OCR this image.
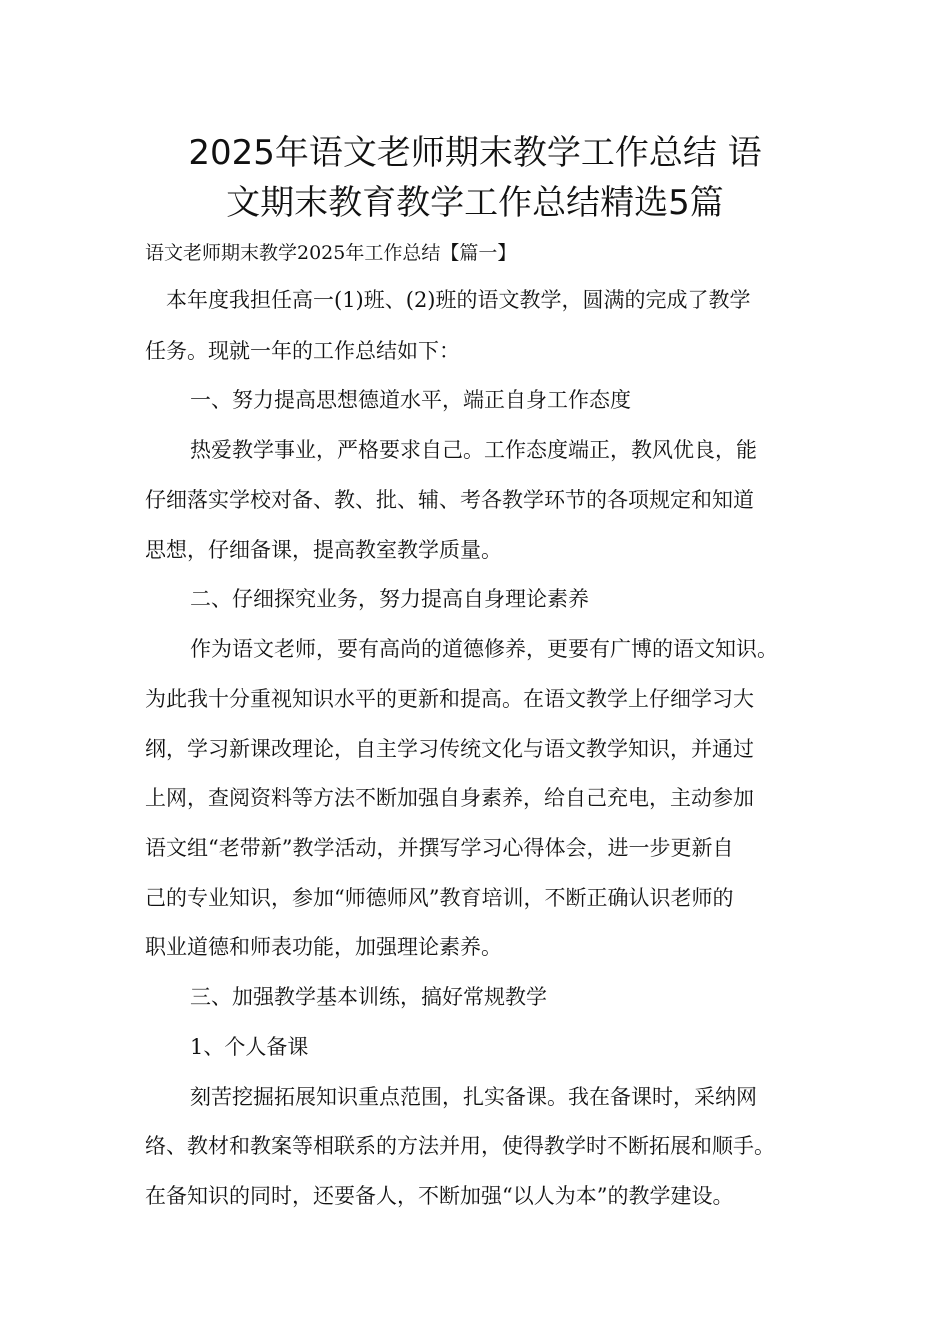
2025年语文老师期末教学工作总结 语
文期末教育教学工作总结精选5篇
语文老师期末教学2025年工作总结【篇一】
本年度我担任高一(1)班、(2)班的语文教学，圆满的完成了教学
任务。现就一年的工作总结如下：
一、努力提高思想德道水平，端正自身工作态度
热爱教学事业，严格要求自己。工作态度端正，教风优良，能
仔细落实学校对备、教、批、辅、考各教学环节的各项规定和知道
思想，仔细备课，提高教室教学质量。
二、仔细探究业务，努力提高自身理论素养
作为语文老师，要有高尚的道德修养，更要有广博的语文知识。
为此我十分重视知识水平的更新和提高。在语文教学上仔细学习大
纲，学习新课改理论，自主学习传统文化与语文教学知识，并通过
上网，查阅资料等方法不断加强自身素养，给自己充电，主动参加
语文组“老带新”教学活动，并撰写学习心得体会，进一步更新自
己的专业知识，参加“师德师风”教育培训，不断正确认识老师的
职业道德和师表功能，加强理论素养。
三、加强教学基本训练，搞好常规教学
1、个人备课
刻苦挖掘拓展知识重点范围，扎实备课。我在备课时，采纳网
络、教材和教案等相联系的方法并用，使得教学时不断拓展和顺手。
在备知识的同时，还要备人，不断加强“以人为本”的教学建设。
